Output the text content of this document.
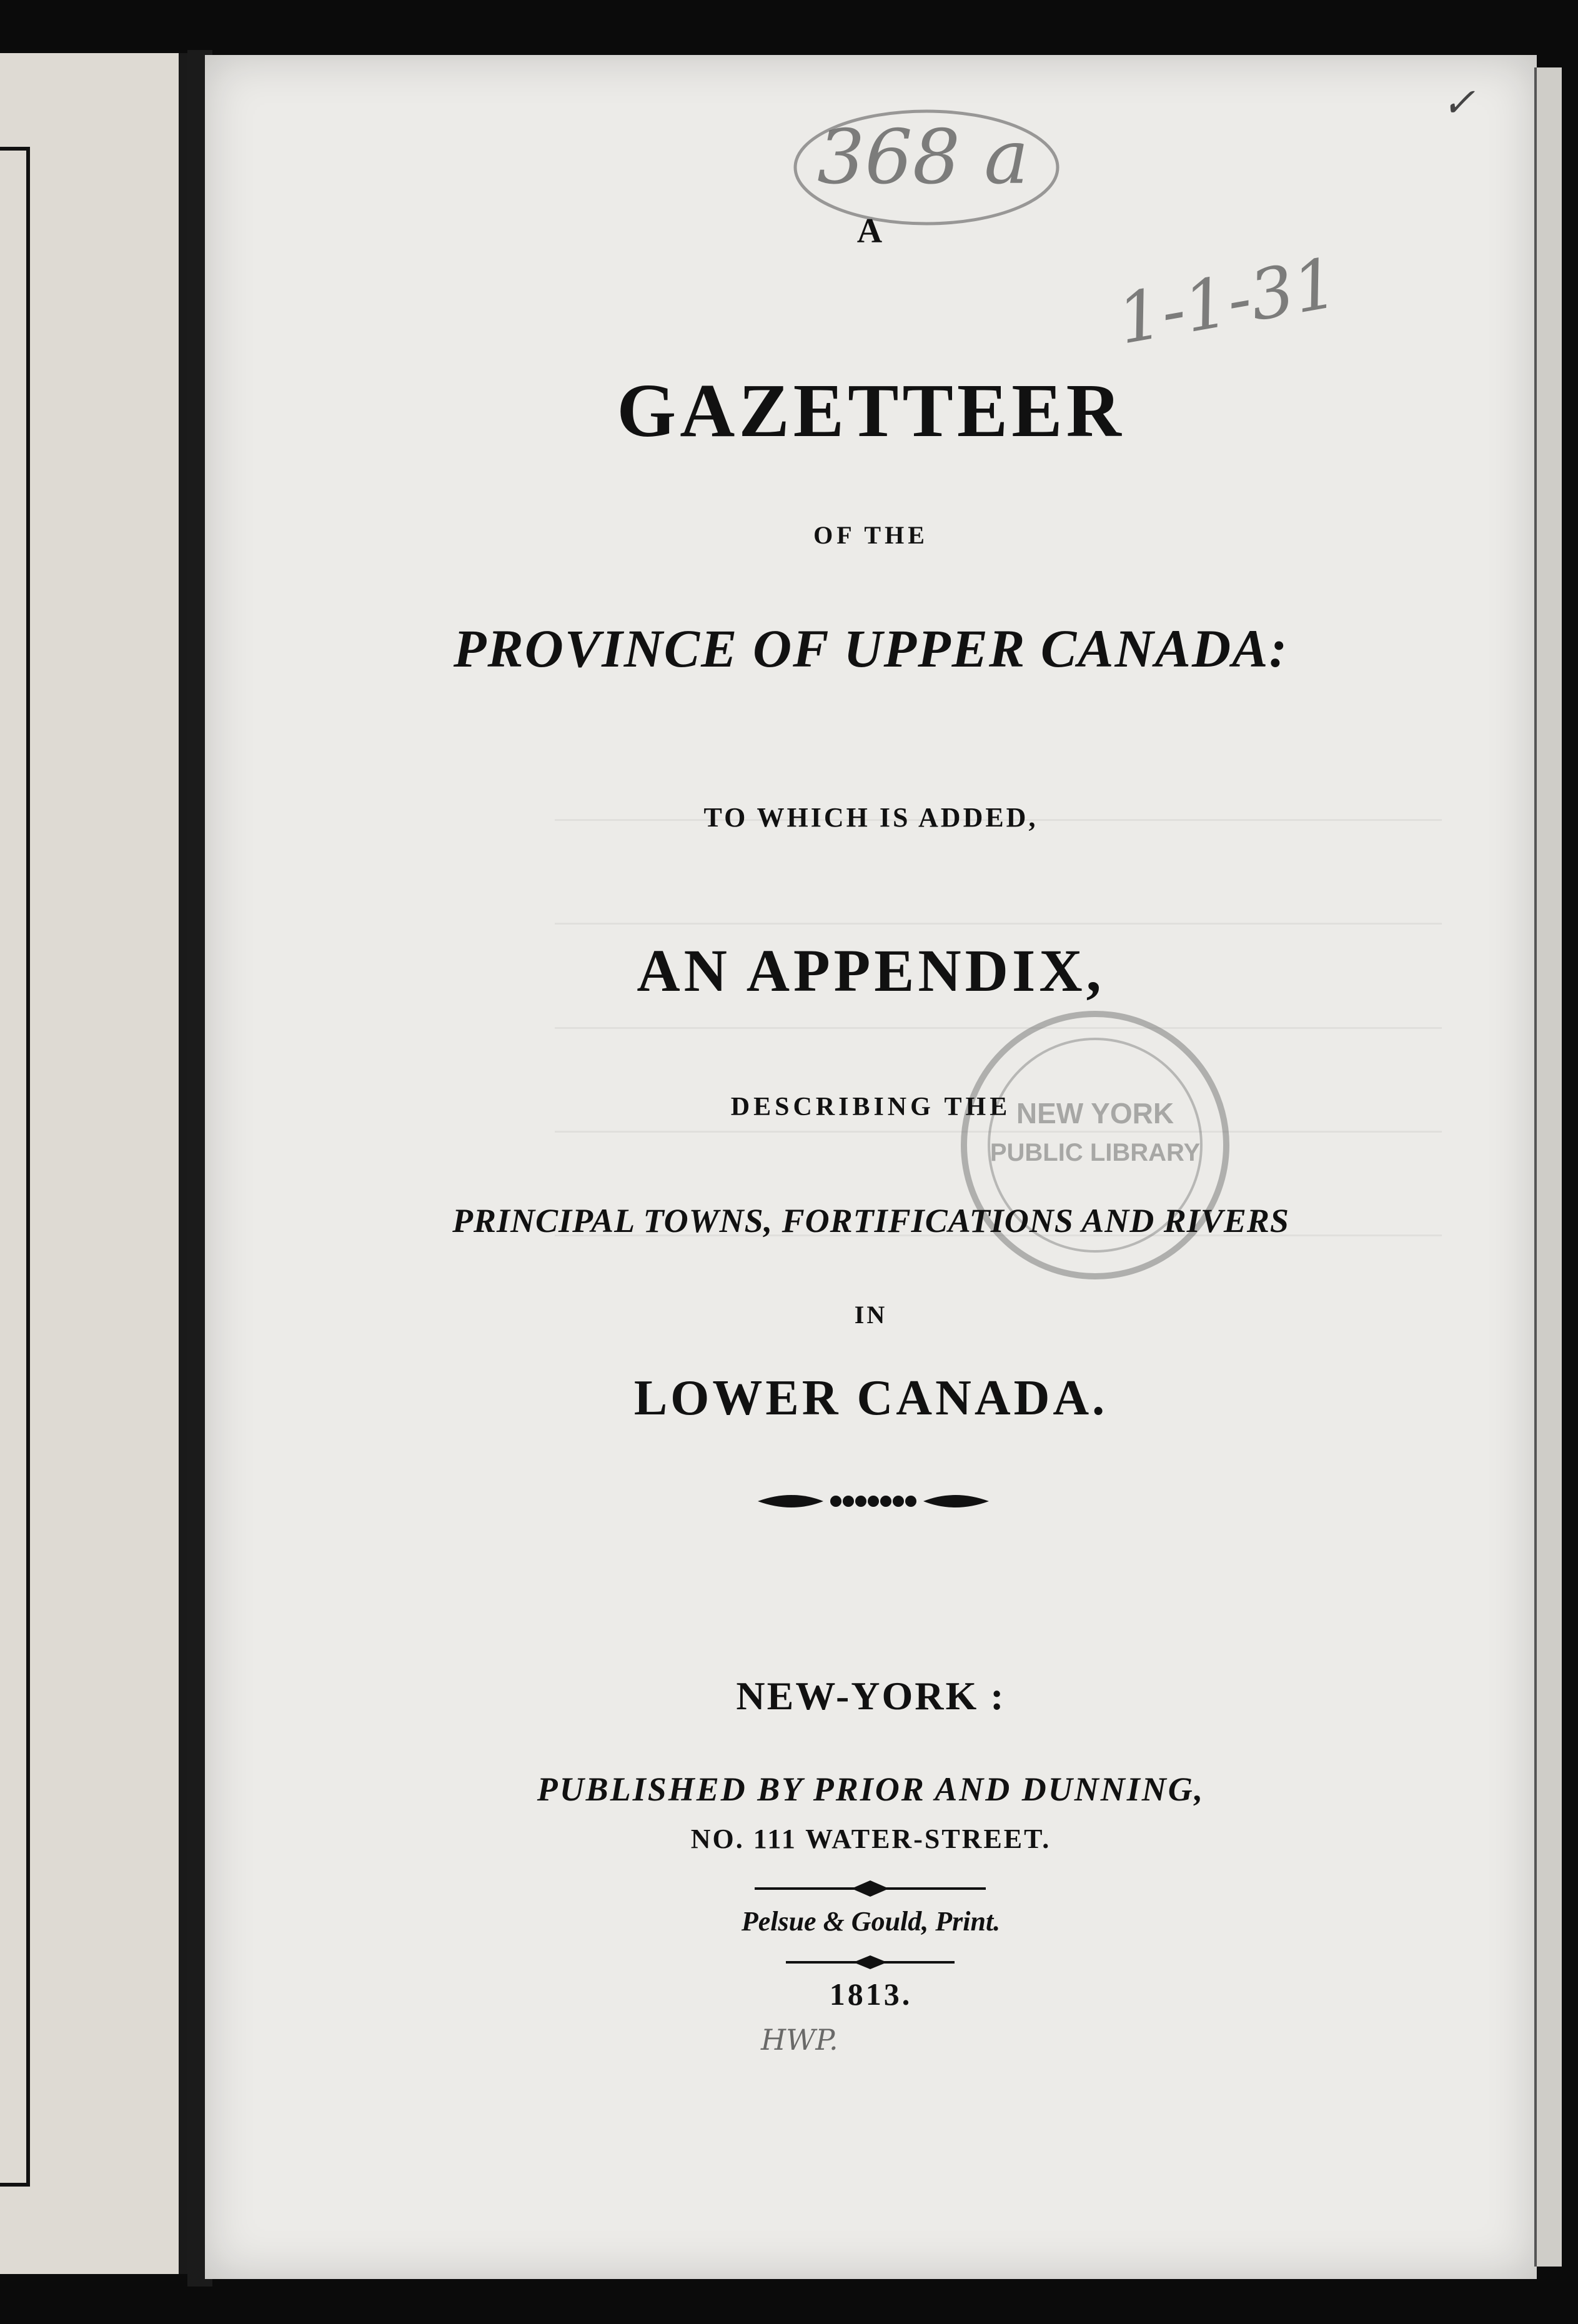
368 a
1-1-31
HWP.
✓
NEW YORK
PUBLIC LIBRARY
A
GAZETTEER
OF THE
PROVINCE OF UPPER CANADA:
TO WHICH IS ADDED,
AN APPENDIX,
DESCRIBING THE
PRINCIPAL TOWNS, FORTIFICATIONS AND RIVERS
IN
LOWER CANADA.
NEW-YORK :
PUBLISHED BY PRIOR AND DUNNING,
NO. 111 WATER-STREET.
Pelsue & Gould, Print.
1813.
